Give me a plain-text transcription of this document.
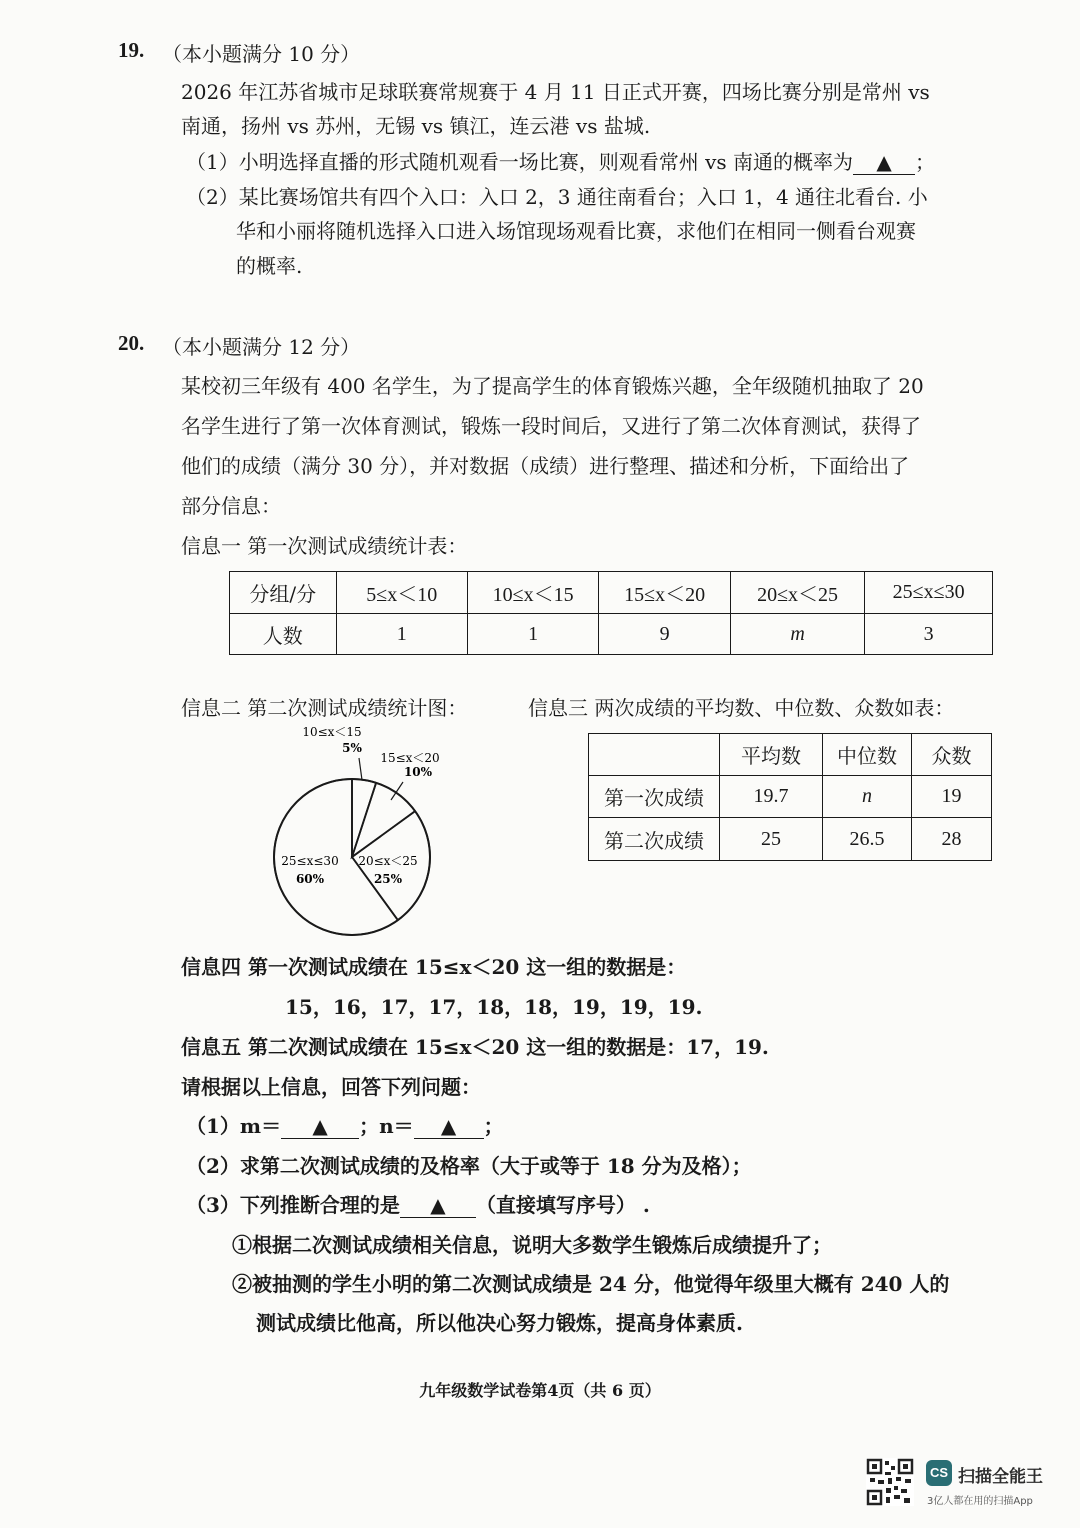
19. （本小题满分 10 分）
2026 年江苏省城市足球联赛常规赛于 4 月 11 日正式开赛，四场比赛分别是常州 vs
南通，扬州 vs 苏州，无锡 vs 镇江，连云港 vs 盐城.
（1）小明选择直播的形式随机观看一场比赛，则观看常州 vs 南通的概率为 ▲ ；
（2）某比赛场馆共有四个入口：入口 2，3 通往南看台；入口 1，4 通往北看台. 小
华和小丽将随机选择入口进入场馆现场观看比赛，求他们在相同一侧看台观赛
的概率.
20. （本小题满分 12 分）
某校初三年级有 400 名学生，为了提高学生的体育锻炼兴趣，全年级随机抽取了 20
名学生进行了第一次体育测试，锻炼一段时间后，又进行了第二次体育测试，获得了
他们的成绩（满分 30 分），并对数据（成绩）进行整理、描述和分析，下面给出了
部分信息：
信息一 第一次测试成绩统计表：
分组/分	5≤x＜10	10≤x＜15	15≤x＜20	20≤x＜25	25≤x≤30
人数	1	1	9	m	3
信息二 第二次测试成绩统计图：	信息三 两次成绩的平均数、中位数、众数如表：
10≤x＜15
5%
15≤x＜20
10%
20≤x＜25
25%
25≤x≤30
60%
	平均数	中位数	众数
第一次成绩	19.7	n	19
第二次成绩	25	26.5	28
信息四 第一次测试成绩在 15≤x＜20 这一组的数据是：
15，16，17，17，18，18，19，19，19.
信息五 第二次测试成绩在 15≤x＜20 这一组的数据是：17，19.
请根据以上信息，回答下列问题：
（1）m＝ ▲ ；n＝ ▲ ；
（2）求第二次测试成绩的及格率（大于或等于 18 分为及格）；
（3）下列推断合理的是 ▲ （直接填写序号） .
①根据二次测试成绩相关信息，说明大多数学生锻炼后成绩提升了；
②被抽测的学生小明的第二次测试成绩是 24 分，他觉得年级里大概有 240 人的
测试成绩比他高，所以他决心努力锻炼，提高身体素质.
九年级数学试卷第4页（共 6 页）
CS 扫描全能王
3亿人都在用的扫描App
